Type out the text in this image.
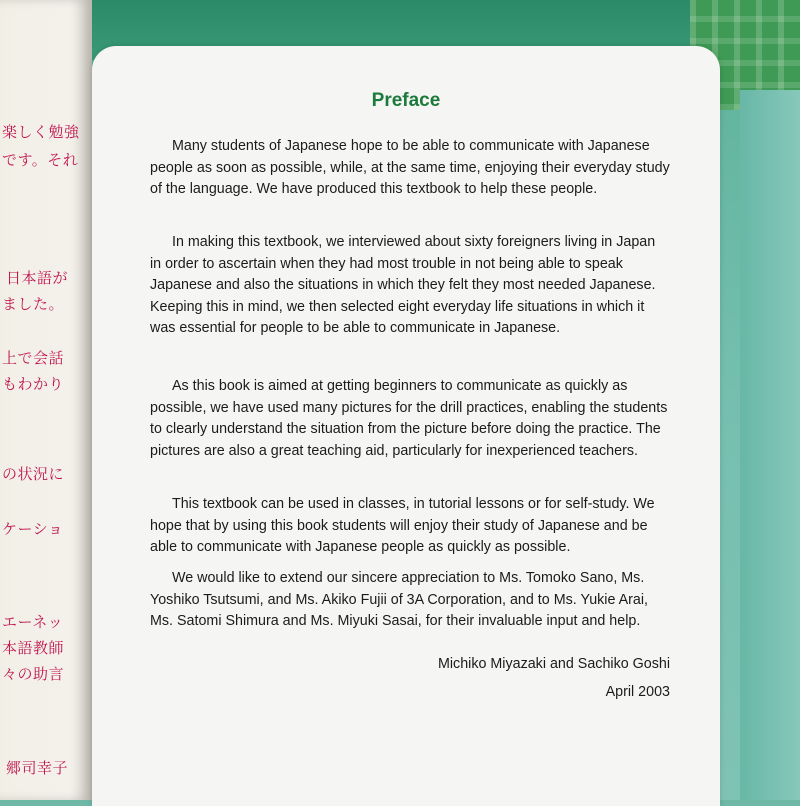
楽しく勉強
です。それ
日本語が
ました。
上で会話
もわかり
の状況に
ケーショ
エーネッ
本語教師
々の助言
郷司幸子
Preface

Many students of Japanese hope to be able to communicate with Japanese people as soon as possible, while, at the same time, enjoying their everyday study of the language. We have produced this textbook to help these people.

In making this textbook, we interviewed about sixty foreigners living in Japan in order to ascertain when they had most trouble in not being able to speak Japanese and also the situations in which they felt they most needed Japanese. Keeping this in mind, we then selected eight everyday life situations in which it was essential for people to be able to communicate in Japanese.

As this book is aimed at getting beginners to communicate as quickly as possible, we have used many pictures for the drill practices, enabling the students to clearly understand the situation from the picture before doing the practice. The pictures are also a great teaching aid, particularly for inexperienced teachers.

This textbook can be used in classes, in tutorial lessons or for self-study. We hope that by using this book students will enjoy their study of Japanese and be able to communicate with Japanese people as quickly as possible.

We would like to extend our sincere appreciation to Ms. Tomoko Sano, Ms. Yoshiko Tsutsumi, and Ms. Akiko Fujii of 3A Corporation, and to Ms. Yukie Arai, Ms. Satomi Shimura and Ms. Miyuki Sasai, for their invaluable input and help.

Michiko Miyazaki and Sachiko Goshi

April 2003
